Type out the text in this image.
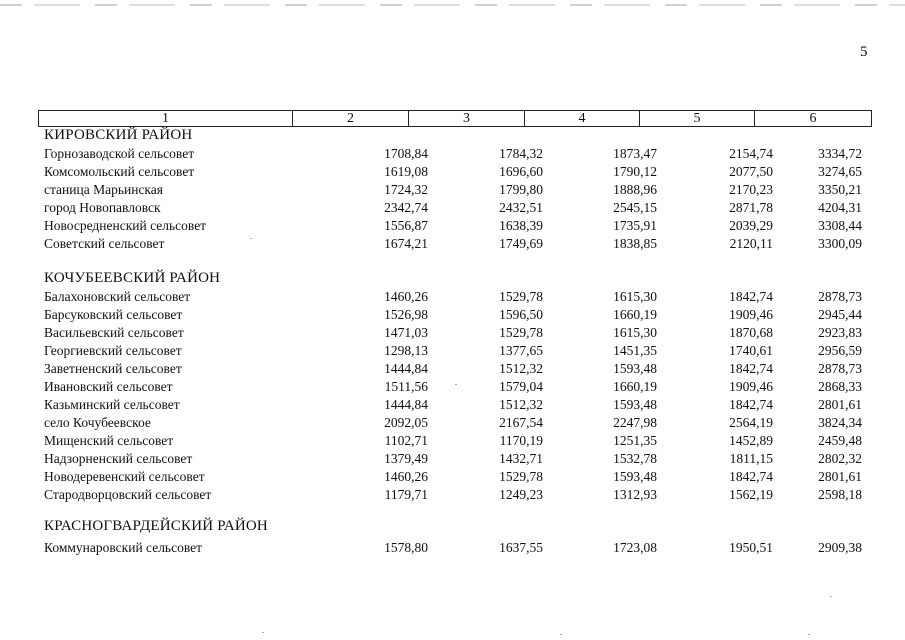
5
1	2	3	4	5	6
КИРОВСКИЙ РАЙОН
Горнозаводской сельсовет	1708,84	1784,32	1873,47	2154,74	3334,72
Комсомольский сельсовет	1619,08	1696,60	1790,12	2077,50	3274,65
станица Марьинская	1724,32	1799,80	1888,96	2170,23	3350,21
город Новопавловск	2342,74	2432,51	2545,15	2871,78	4204,31
Новосредненский сельсовет	1556,87	1638,39	1735,91	2039,29	3308,44
Советский сельсовет	1674,21	1749,69	1838,85	2120,11	3300,09
КОЧУБЕЕВСКИЙ РАЙОН
Балахоновский сельсовет	1460,26	1529,78	1615,30	1842,74	2878,73
Барсуковский сельсовет	1526,98	1596,50	1660,19	1909,46	2945,44
Васильевский сельсовет	1471,03	1529,78	1615,30	1870,68	2923,83
Георгиевский сельсовет	1298,13	1377,65	1451,35	1740,61	2956,59
Заветненский сельсовет	1444,84	1512,32	1593,48	1842,74	2878,73
Ивановский сельсовет	1511,56	1579,04	1660,19	1909,46	2868,33
Казьминский сельсовет	1444,84	1512,32	1593,48	1842,74	2801,61
село Кочубеевское	2092,05	2167,54	2247,98	2564,19	3824,34
Мищенский сельсовет	1102,71	1170,19	1251,35	1452,89	2459,48
Надзорненский сельсовет	1379,49	1432,71	1532,78	1811,15	2802,32
Новодеревенский сельсовет	1460,26	1529,78	1593,48	1842,74	2801,61
Стародворцовский сельсовет	1179,71	1249,23	1312,93	1562,19	2598,18
КРАСНОГВАРДЕЙСКИЙ РАЙОН
Коммунаровский сельсовет	1578,80	1637,55	1723,08	1950,51	2909,38
